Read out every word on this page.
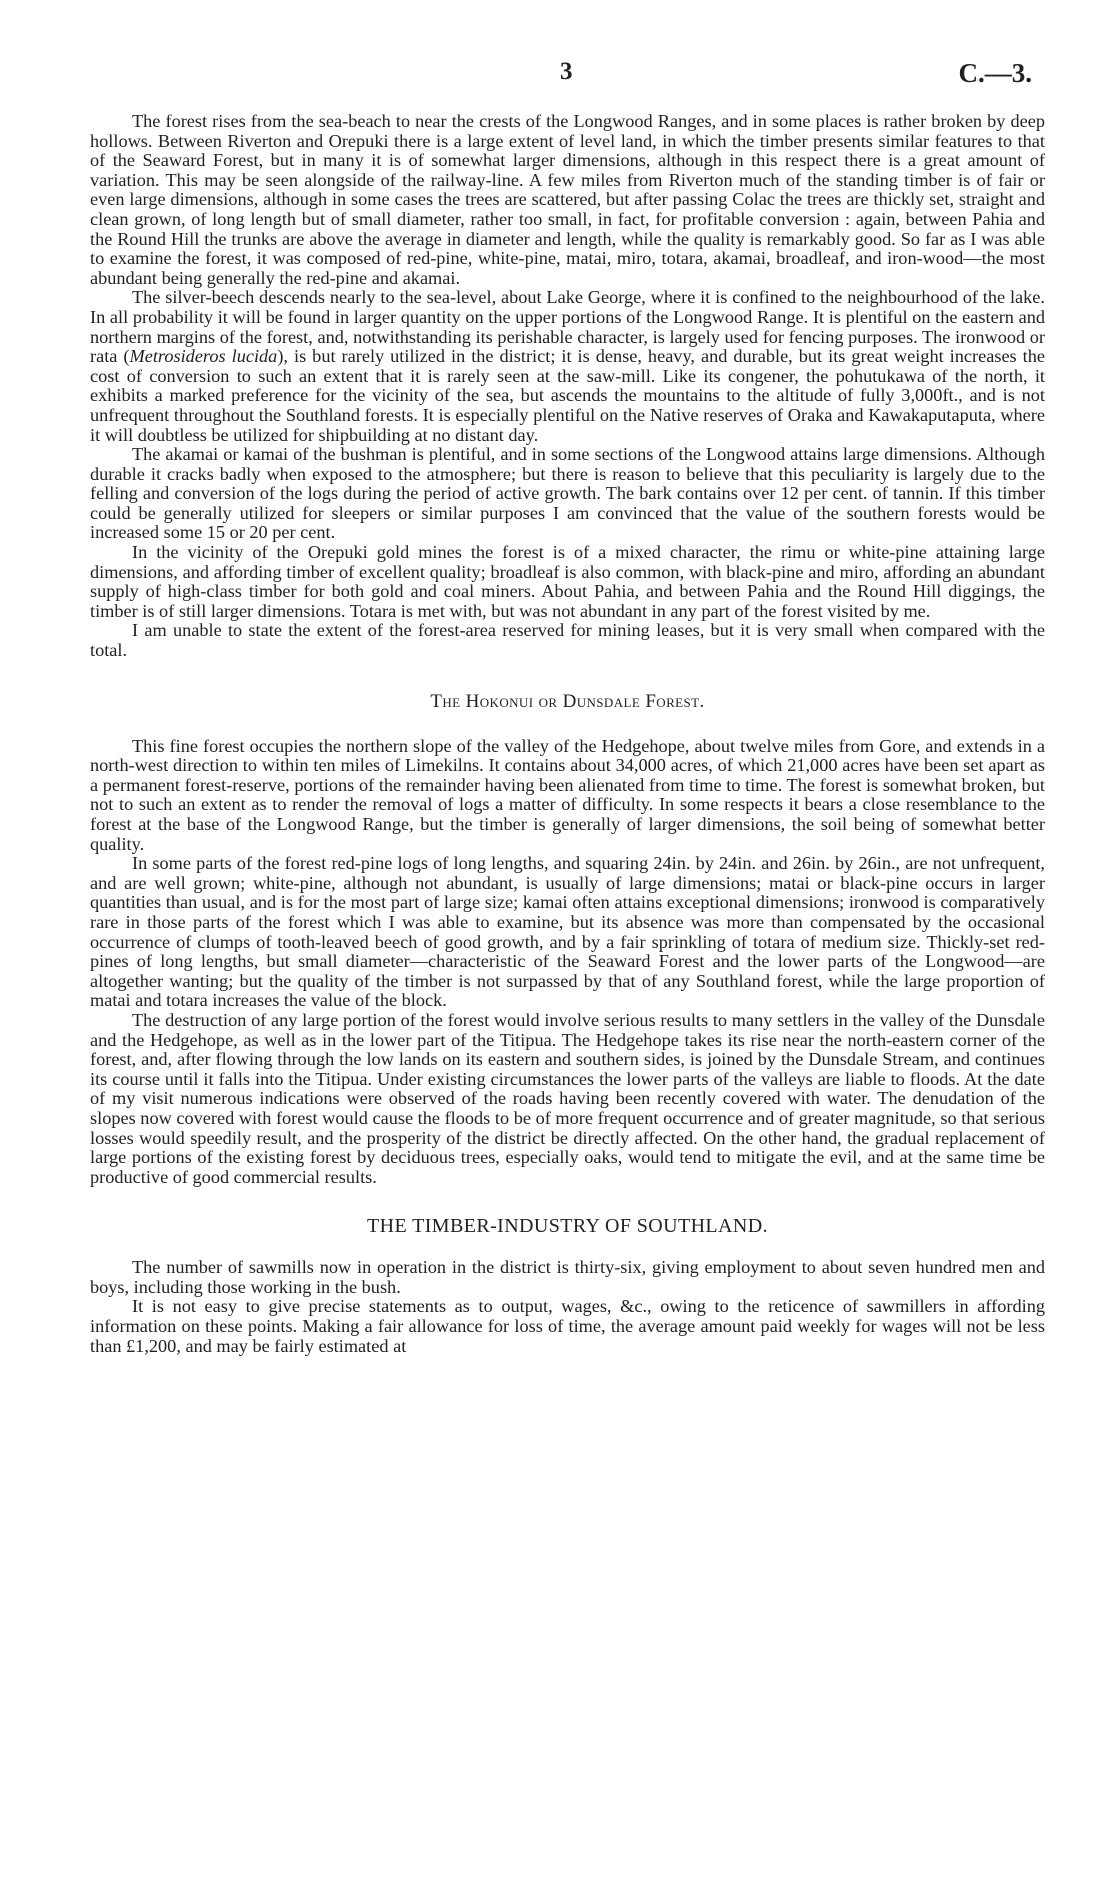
3	C.—3.

The forest rises from the sea-beach to near the crests of the Longwood Ranges, and in some places is rather broken by deep hollows. Between Riverton and Orepuki there is a large extent of level land, in which the timber presents similar features to that of the Seaward Forest, but in many it is of somewhat larger dimensions, although in this respect there is a great amount of variation. This may be seen alongside of the railway-line. A few miles from Riverton much of the standing timber is of fair or even large dimensions, although in some cases the trees are scattered, but after passing Colac the trees are thickly set, straight and clean grown, of long length but of small diameter, rather too small, in fact, for profitable conversion : again, between Pahia and the Round Hill the trunks are above the average in diameter and length, while the quality is remarkably good. So far as I was able to examine the forest, it was composed of red-pine, white-pine, matai, miro, totara, akamai, broadleaf, and iron-wood—the most abundant being generally the red-pine and akamai.

The silver-beech descends nearly to the sea-level, about Lake George, where it is confined to the neighbourhood of the lake. In all probability it will be found in larger quantity on the upper portions of the Longwood Range. It is plentiful on the eastern and northern margins of the forest, and, notwithstanding its perishable character, is largely used for fencing purposes. The ironwood or rata (Metrosideros lucida), is but rarely utilized in the district; it is dense, heavy, and durable, but its great weight increases the cost of conversion to such an extent that it is rarely seen at the saw-mill. Like its congener, the pohutukawa of the north, it exhibits a marked preference for the vicinity of the sea, but ascends the mountains to the altitude of fully 3,000ft., and is not unfrequent throughout the Southland forests. It is especially plentiful on the Native reserves of Oraka and Kawakaputaputa, where it will doubtless be utilized for shipbuilding at no distant day.

The akamai or kamai of the bushman is plentiful, and in some sections of the Longwood attains large dimensions. Although durable it cracks badly when exposed to the atmosphere; but there is reason to believe that this peculiarity is largely due to the felling and conversion of the logs during the period of active growth. The bark contains over 12 per cent. of tannin. If this timber could be generally utilized for sleepers or similar purposes I am convinced that the value of the southern forests would be increased some 15 or 20 per cent.

In the vicinity of the Orepuki gold mines the forest is of a mixed character, the rimu or white-pine attaining large dimensions, and affording timber of excellent quality; broadleaf is also common, with black-pine and miro, affording an abundant supply of high-class timber for both gold and coal miners. About Pahia, and between Pahia and the Round Hill diggings, the timber is of still larger dimensions. Totara is met with, but was not abundant in any part of the forest visited by me.

I am unable to state the extent of the forest-area reserved for mining leases, but it is very small when compared with the total.

The Hokonui or Dunsdale Forest.

This fine forest occupies the northern slope of the valley of the Hedgehope, about twelve miles from Gore, and extends in a north-west direction to within ten miles of Limekilns. It contains about 34,000 acres, of which 21,000 acres have been set apart as a permanent forest-reserve, portions of the remainder having been alienated from time to time. The forest is somewhat broken, but not to such an extent as to render the removal of logs a matter of difficulty. In some respects it bears a close resemblance to the forest at the base of the Longwood Range, but the timber is generally of larger dimensions, the soil being of somewhat better quality.

In some parts of the forest red-pine logs of long lengths, and squaring 24in. by 24in. and 26in. by 26in., are not unfrequent, and are well grown; white-pine, although not abundant, is usually of large dimensions; matai or black-pine occurs in larger quantities than usual, and is for the most part of large size; kamai often attains exceptional dimensions; ironwood is comparatively rare in those parts of the forest which I was able to examine, but its absence was more than compensated by the occasional occurrence of clumps of tooth-leaved beech of good growth, and by a fair sprinkling of totara of medium size. Thickly-set red-pines of long lengths, but small diameter—characteristic of the Seaward Forest and the lower parts of the Longwood—are altogether wanting; but the quality of the timber is not surpassed by that of any Southland forest, while the large proportion of matai and totara increases the value of the block.

The destruction of any large portion of the forest would involve serious results to many settlers in the valley of the Dunsdale and the Hedgehope, as well as in the lower part of the Titipua. The Hedgehope takes its rise near the north-eastern corner of the forest, and, after flowing through the low lands on its eastern and southern sides, is joined by the Dunsdale Stream, and continues its course until it falls into the Titipua. Under existing circumstances the lower parts of the valleys are liable to floods. At the date of my visit numerous indications were observed of the roads having been recently covered with water. The denudation of the slopes now covered with forest would cause the floods to be of more frequent occurrence and of greater magnitude, so that serious losses would speedily result, and the prosperity of the district be directly affected. On the other hand, the gradual replacement of large portions of the existing forest by deciduous trees, especially oaks, would tend to mitigate the evil, and at the same time be productive of good commercial results.

THE TIMBER-INDUSTRY OF SOUTHLAND.

The number of sawmills now in operation in the district is thirty-six, giving employment to about seven hundred men and boys, including those working in the bush.

It is not easy to give precise statements as to output, wages, &c., owing to the reticence of sawmillers in affording information on these points. Making a fair allowance for loss of time, the average amount paid weekly for wages will not be less than £1,200, and may be fairly estimated at
